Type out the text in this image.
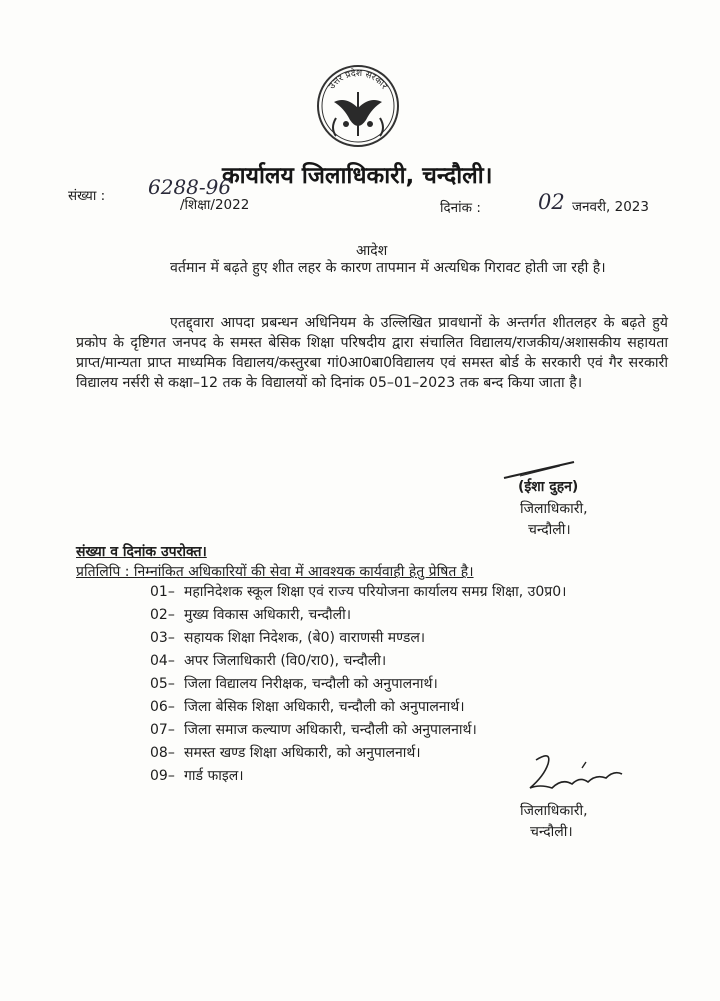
उत्तर प्रदेश सरकार
कार्यालय जिलाधिकारी, चन्दौली।
संख्या : 6288-96
/शिक्षा/2022	दिनांक :	02 जनवरी, 2023
आदेश

वर्तमान में बढ़ते हुए शीत लहर के कारण तापमान में अत्यधिक गिरावट होती जा रही है।

एतद्द्वारा आपदा प्रबन्धन अधिनियम के उल्लिखित प्रावधानों के अन्तर्गत शीतलहर के बढ़ते हुये प्रकोप के दृष्टिगत जनपद के समस्त बेसिक शिक्षा परिषदीय द्वारा संचालित विद्यालय/राजकीय/अशासकीय सहायता प्राप्त/मान्यता प्राप्त माध्यमिक विद्यालय/कस्तुरबा गां0आ0बा0विद्यालय एवं समस्त बोर्ड के सरकारी एवं गैर सरकारी विद्यालय नर्सरी से कक्षा–12 तक के विद्यालयों को दिनांक 05–01–2023 तक बन्द किया जाता है।

(ईशा दुहन)
जिलाधिकारी,
चन्दौली।
संख्या व दिनांक उपरोक्त।
प्रतिलिपि : निम्नांकित अधिकारियों की सेवा में आवश्यक कार्यवाही हेतु प्रेषित है।
01– महानिदेशक स्कूल शिक्षा एवं राज्य परियोजना कार्यालय समग्र शिक्षा, उ0प्र0।
02– मुख्य विकास अधिकारी, चन्दौली।
03– सहायक शिक्षा निदेशक, (बे0) वाराणसी मण्डल।
04– अपर जिलाधिकारी (वि0/रा0), चन्दौली।
05– जिला विद्यालय निरीक्षक, चन्दौली को अनुपालनार्थ।
06– जिला बेसिक शिक्षा अधिकारी, चन्दौली को अनुपालनार्थ।
07– जिला समाज कल्याण अधिकारी, चन्दौली को अनुपालनार्थ।
08– समस्त खण्ड शिक्षा अधिकारी, को अनुपालनार्थ।
09– गार्ड फाइल।
जिलाधिकारी,
चन्दौली।
